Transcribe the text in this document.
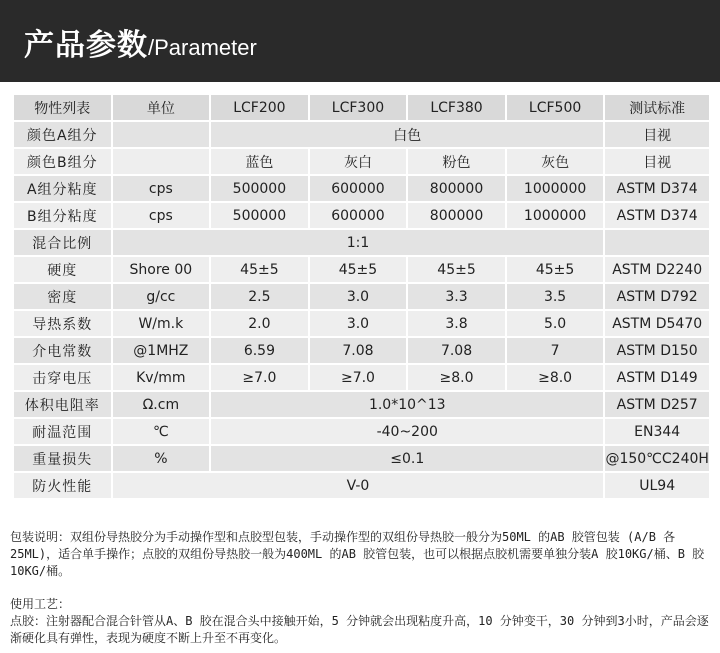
产品参数/Parameter
物性列表	单位	LCF200	LCF300	LCF380	LCF500	测试标准
颜色A组分		白色				目视
颜色B组分		蓝色	灰白	粉色	灰色	目视
A组分粘度	cps	500000	600000	800000	1000000	ASTM D374
B组分粘度	cps	500000	600000	800000	1000000	ASTM D374
混合比例	1:1					
硬度	Shore 00	45±5	45±5	45±5	45±5	ASTM D2240
密度	g/cc	2.5	3.0	3.3	3.5	ASTM D792
导热系数	W/m.k	2.0	3.0	3.8	5.0	ASTM D5470
介电常数	@1MHZ	6.59	7.08	7.08	7	ASTM D150
击穿电压	Kv/mm	≥7.0	≥7.0	≥8.0	≥8.0	ASTM D149
体积电阻率	Ω.cm	1.0*10^13				ASTM D257
耐温范围	℃	-40~200				EN344
重量损失	%	≤0.1				@150℃C240H
防火性能	V-0					UL94

包装说明：双组份导热胶分为手动操作型和点胶型包装，手动操作型的双组份导热胶一般分为50ML 的AB 胶管包装 (A/B 各25ML)，适合单手操作；点胶的双组份导热胶一般为400ML 的AB 胶管包装，也可以根据点胶机需要单独分装A 胶10KG/桶、B 胶10KG/桶。

使用工艺：

点胶：注射器配合混合针管从A、B 胶在混合头中接触开始，5 分钟就会出现粘度升高，10 分钟变干，30 分钟到3小时，产品会逐渐硬化具有弹性，表现为硬度不断上升至不再变化。
